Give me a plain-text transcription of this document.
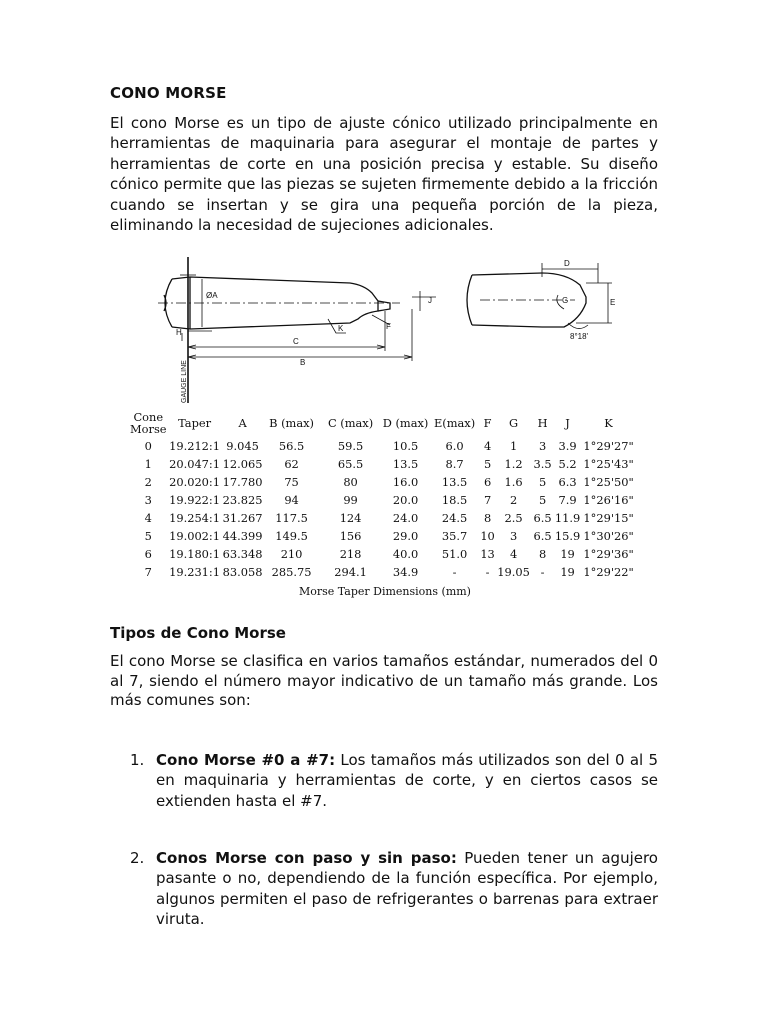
CONO MORSE

El cono Morse es un tipo de ajuste cónico utilizado principalmente en herramientas de maquinaria para asegurar el montaje de partes y herramientas de corte en una posición precisa y estable. Su diseño cónico permite que las piezas se sujeten firmemente debido a la fricción cuando se insertan y se gira una pequeña porción de la pieza, eliminando la necesidad de sujeciones adicionales.

ØA
C
B
H	K	F
D
E
G
J
8°18'
GAUGE LINE
Cone
Morse	Taper	A	B (max)	C (max)	D (max)	E(max)	F	G	H	J	K
0	19.212:1	9.045	56.5	59.5	10.5	6.0	4	1	3	3.9	1°29'27"
1	20.047:1	12.065	62	65.5	13.5	8.7	5	1.2	3.5	5.2	1°25'43"
2	20.020:1	17.780	75	80	16.0	13.5	6	1.6	5	6.3	1°25'50"
3	19.922:1	23.825	94	99	20.0	18.5	7	2	5	7.9	1°26'16"
4	19.254:1	31.267	117.5	124	24.0	24.5	8	2.5	6.5	11.9	1°29'15"
5	19.002:1	44.399	149.5	156	29.0	35.7	10	3	6.5	15.9	1°30'26"
6	19.180:1	63.348	210	218	40.0	51.0	13	4	8	19	1°29'36"
7	19.231:1	83.058	285.75	294.1	34.9	-	-	19.05	-	19	1°29'22"
Morse Taper Dimensions (mm)
Tipos de Cono Morse

El cono Morse se clasifica en varios tamaños estándar, numerados del 0 al 7, siendo el número mayor indicativo de un tamaño más grande. Los más comunes son:

1. Cono Morse #0 a #7: Los tamaños más utilizados son del 0 al 5 en maquinaria y herramientas de corte, y en ciertos casos se extienden hasta el #7.
2. Conos Morse con paso y sin paso: Pueden tener un agujero pasante o no, dependiendo de la función específica. Por ejemplo, algunos permiten el paso de refrigerantes o barrenas para extraer viruta.
